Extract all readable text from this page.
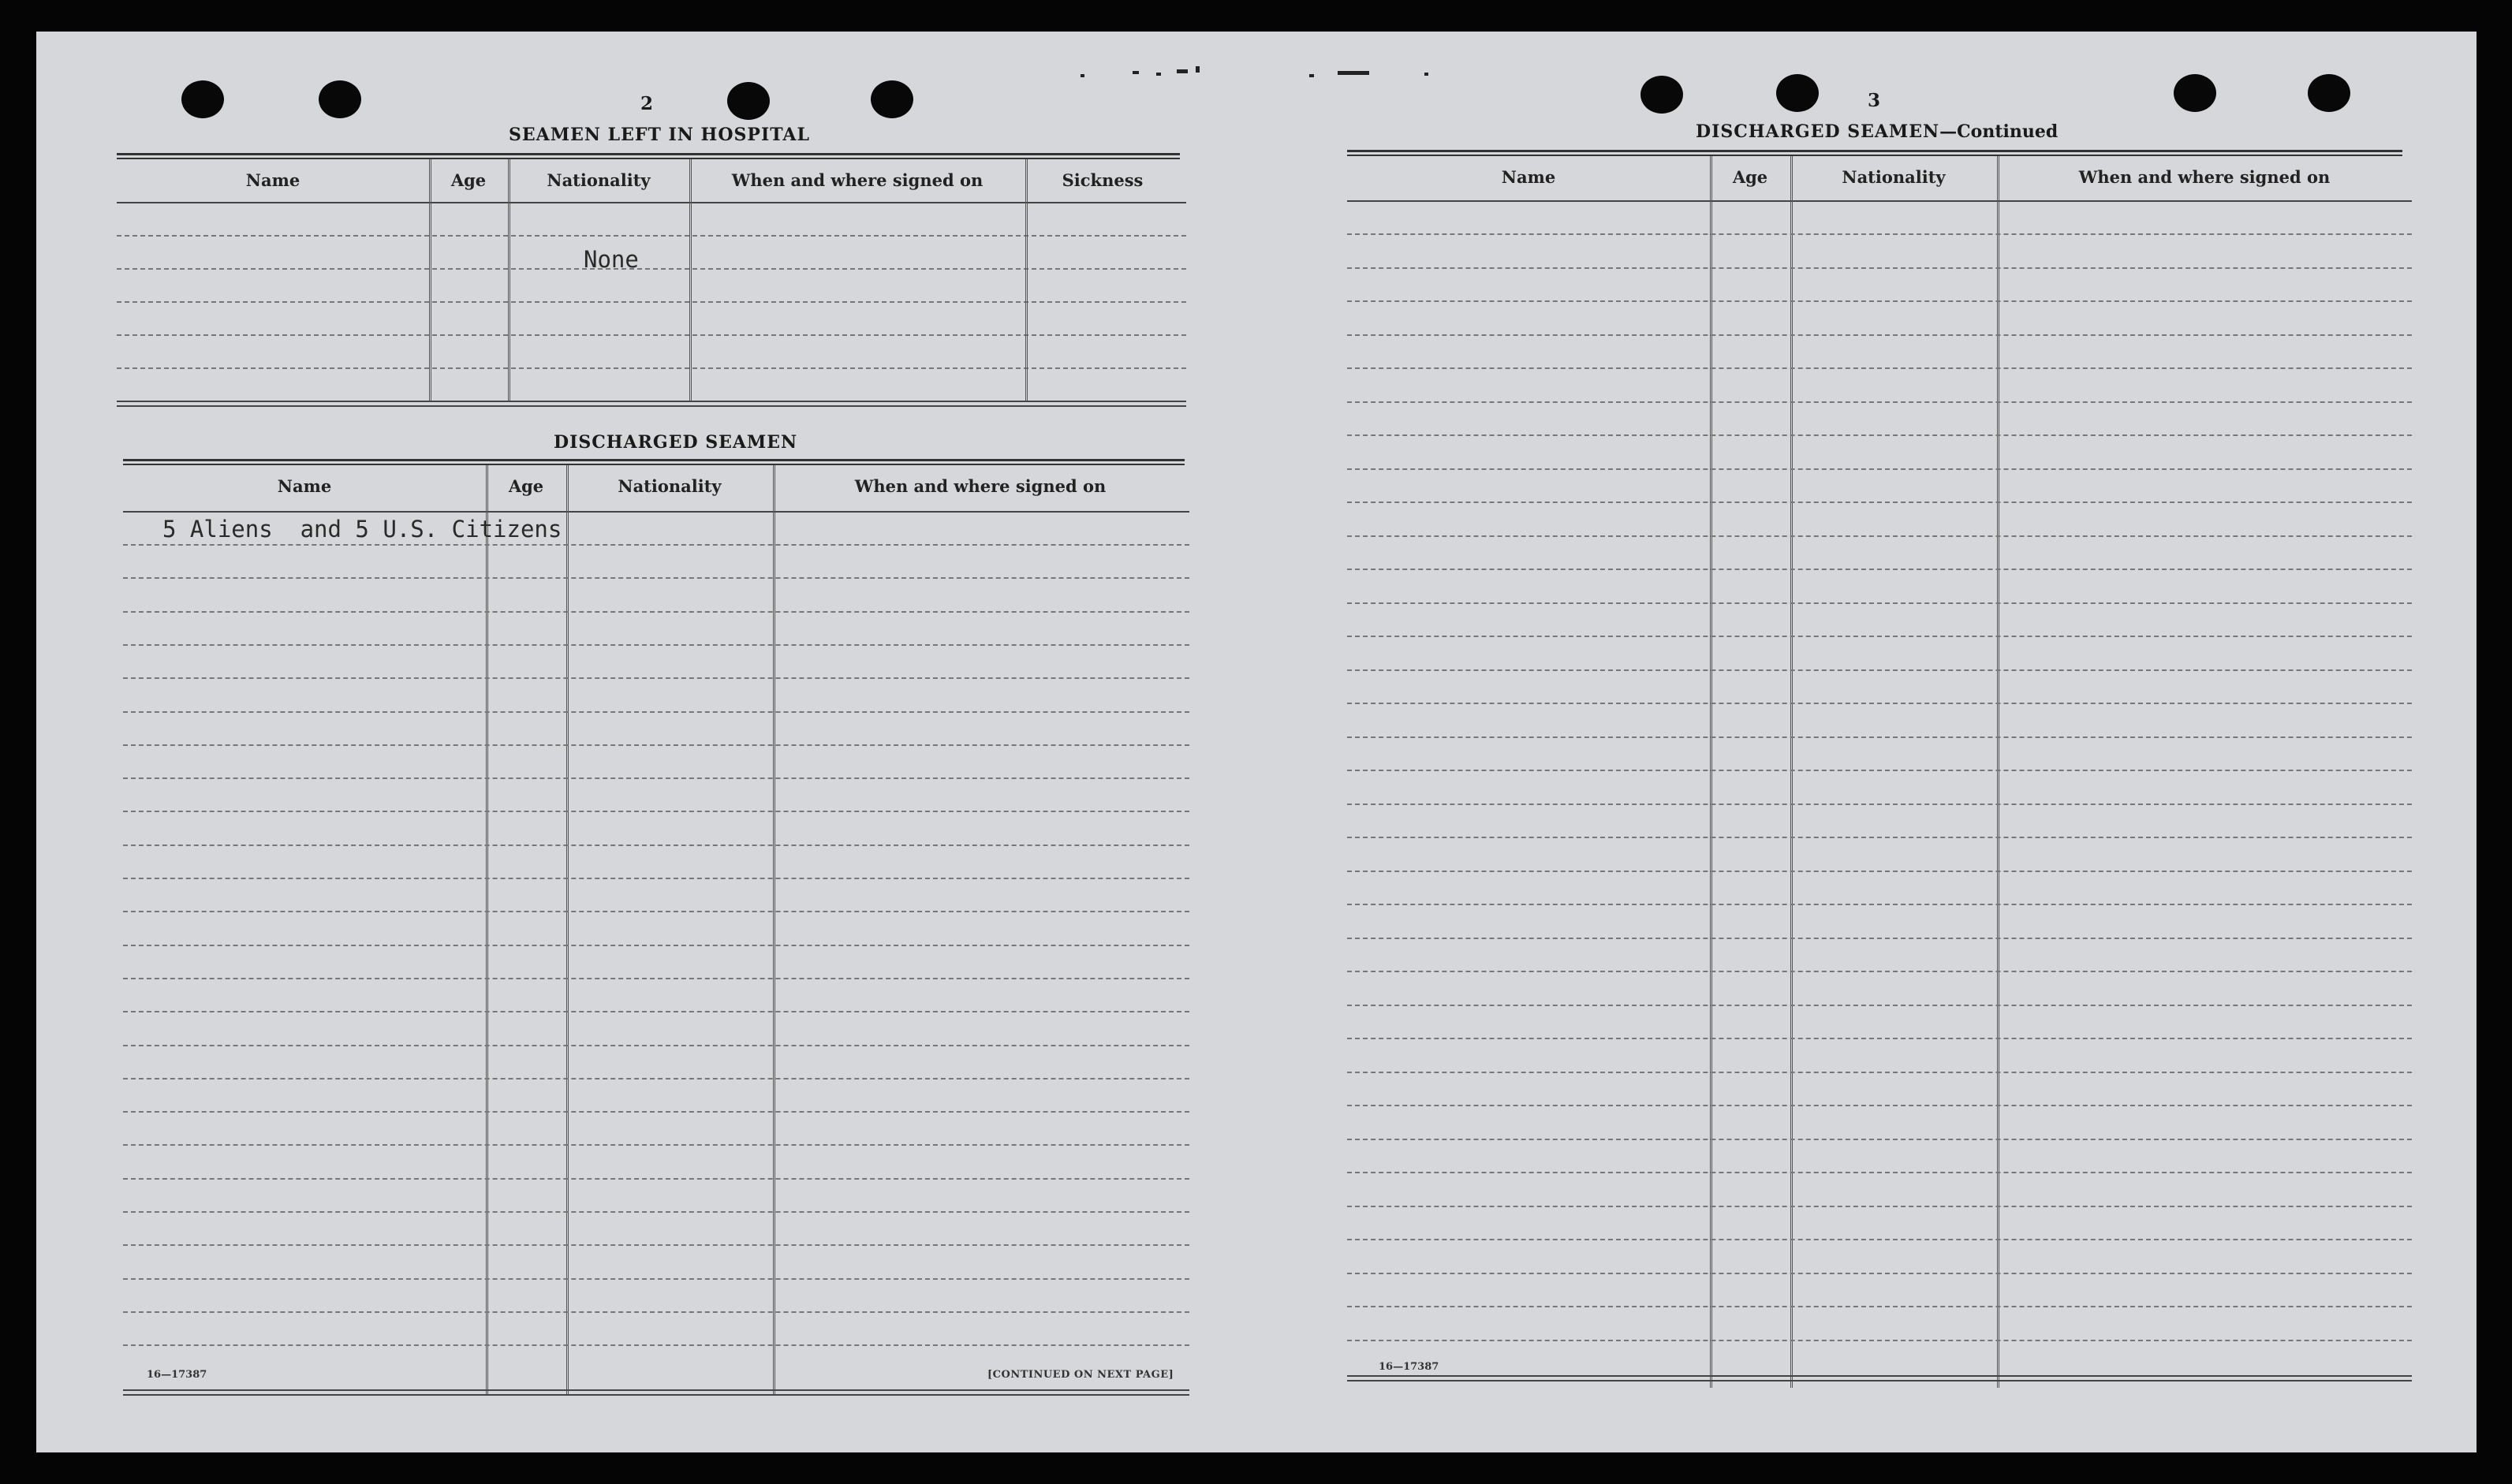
2
SEAMEN LEFT IN HOSPITAL
Name	Age	Nationality	When and where signed on	Sickness
None
DISCHARGED SEAMEN
Name	Age	Nationality	When and where signed on
5 Aliens  and 5 U.S. Citizens
16—17387	[CONTINUED ON NEXT PAGE]
3
DISCHARGED SEAMEN—Continued
Name	Age	Nationality	When and where signed on
16—17387
